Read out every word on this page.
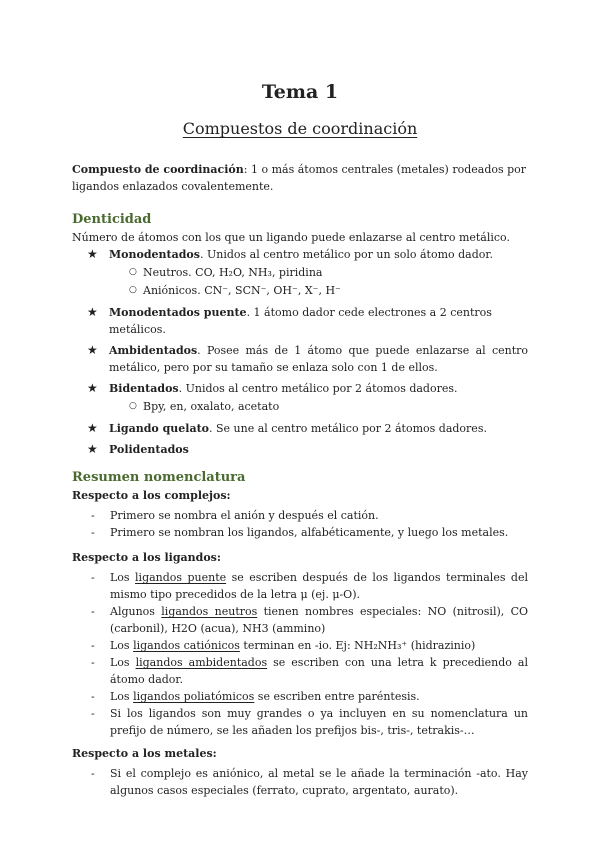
Tema 1
Compuestos de coordinación
Compuesto de coordinación: 1 o más átomos centrales (metales) rodeados por ligandos enlazados covalentemente.
Denticidad
Número de átomos con los que un ligando puede enlazarse al centro metálico.
★ Monodentados. Unidos al centro metálico por un solo átomo dador.
○ Neutros. CO, H₂O, NH₃, piridina
○ Aniónicos. CN⁻, SCN⁻, OH⁻, X⁻, H⁻
★ Monodentados puente. 1 átomo dador cede electrones a 2 centros metálicos.
★ Ambidentados. Posee más de 1 átomo que puede enlazarse al centro metálico, pero por su tamaño se enlaza solo con 1 de ellos.
★ Bidentados. Unidos al centro metálico por 2 átomos dadores.
○ Bpy, en, oxalato, acetato
★ Ligando quelato. Se une al centro metálico por 2 átomos dadores.
★ Polidentados
Resumen nomenclatura
Respecto a los complejos:
- Primero se nombra el anión y después el catión.
- Primero se nombran los ligandos, alfabéticamente, y luego los metales.
Respecto a los ligandos:
- Los ligandos puente se escriben después de los ligandos terminales del mismo tipo precedidos de la letra μ (ej. μ-O).
- Algunos ligandos neutros tienen nombres especiales: NO (nitrosil), CO (carbonil), H2O (acua), NH3 (ammino)
- Los ligandos catiónicos terminan en -io. Ej: NH₂NH₃⁺ (hidrazinio)
- Los ligandos ambidentados se escriben con una letra k precediendo al átomo dador.
- Los ligandos poliatómicos se escriben entre paréntesis.
- Si los ligandos son muy grandes o ya incluyen en su nomenclatura un prefijo de número, se les añaden los prefijos bis-, tris-, tetrakis-…
Respecto a los metales:
- Si el complejo es aniónico, al metal se le añade la terminación -ato. Hay algunos casos especiales (ferrato, cuprato, argentato, aurato).
